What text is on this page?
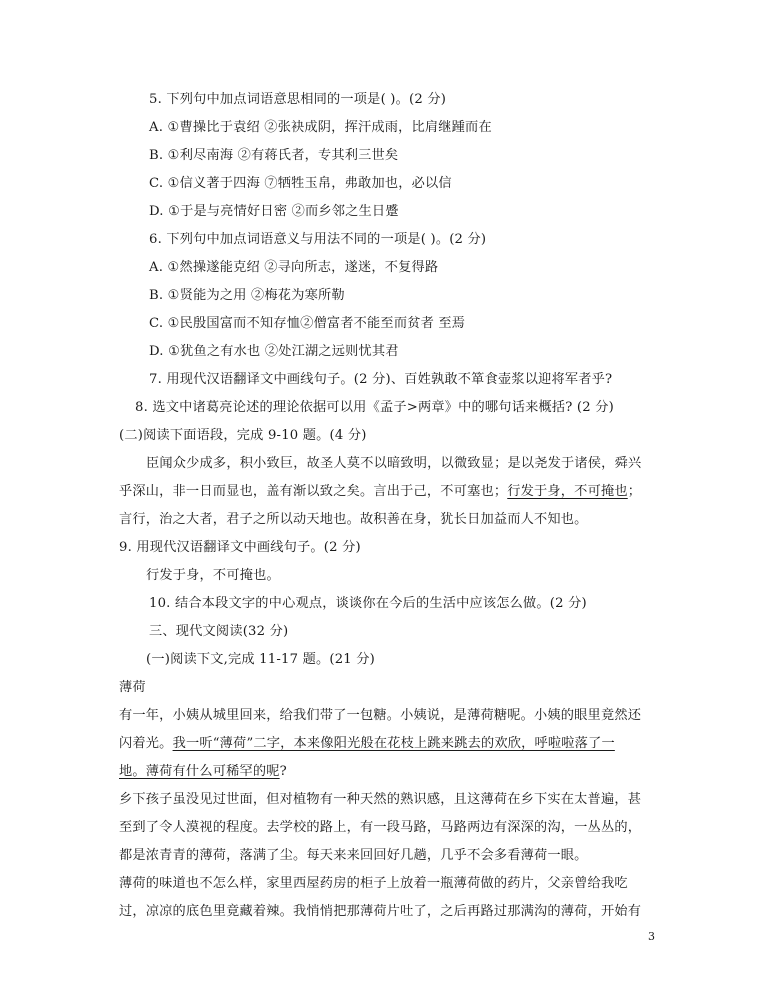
5. 下列句中加点词语意思相同的一项是( )。(2 分)
A. ①曹操比于袁绍 ②张袂成阴，挥汗成雨，比肩继踵而在
B. ①利尽南海 ②有蒋氏者，专其利三世矣
C. ①信义著于四海 ⑦牺牲玉帛，弗敢加也，必以信
D. ①于是与亮情好日密 ②而乡邻之生日蹙
6. 下列句中加点词语意义与用法不同的一项是( )。(2 分)
A. ①然操遂能克绍 ②寻向所志，遂迷，不复得路
B. ①贤能为之用 ②梅花为寒所勒
C. ①民殷国富而不知存恤②僧富者不能至而贫者 至焉
D. ①犹鱼之有水也 ②处江湖之远则忧其君
7. 用现代汉语翻译文中画线句子。(2 分)、百姓孰敢不箪食壶浆以迎将军者乎?
8. 选文中诸葛亮论述的理论依据可以用《孟子>两章》中的哪句话来概括? (2 分)
(二)阅读下面语段，完成 9-10 题。(4 分)
臣闻众少成多，积小致巨，故圣人莫不以暗致明，以微致显；是以尧发于诸侯，舜兴
乎深山，非一日而显也，盖有渐以致之矣。言出于己，不可塞也；行发于身，不可掩也；
言行，治之大者，君子之所以动天地也。故积善在身，犹长日加益而人不知也。
9. 用现代汉语翻译文中画线句子。(2 分)
行发于身，不可掩也。
10. 结合本段文字的中心观点，谈谈你在今后的生活中应该怎么做。(2 分)
三、现代文阅读(32 分)
(一)阅读下文,完成 11-17 题。(21 分)
薄荷
有一年，小姨从城里回来，给我们带了一包糖。小姨说，是薄荷糖呢。小姨的眼里竟然还
闪着光。我一听“薄荷”二字，本来像阳光般在花枝上跳来跳去的欢欣，呼啦啦落了一
地。薄荷有什么可稀罕的呢?
乡下孩子虽没见过世面，但对植物有一种天然的熟识感，且这薄荷在乡下实在太普遍，甚
至到了令人漠视的程度。去学校的路上，有一段马路，马路两边有深深的沟，一丛丛的，
都是浓青青的薄荷，落满了尘。每天来来回回好几趟，几乎不会多看薄荷一眼。
薄荷的味道也不怎么样，家里西屋药房的柜子上放着一瓶薄荷做的药片，父亲曾给我吃
过，凉凉的底色里竟藏着辣。我悄悄把那薄荷片吐了，之后再路过那满沟的薄荷，开始有
3
